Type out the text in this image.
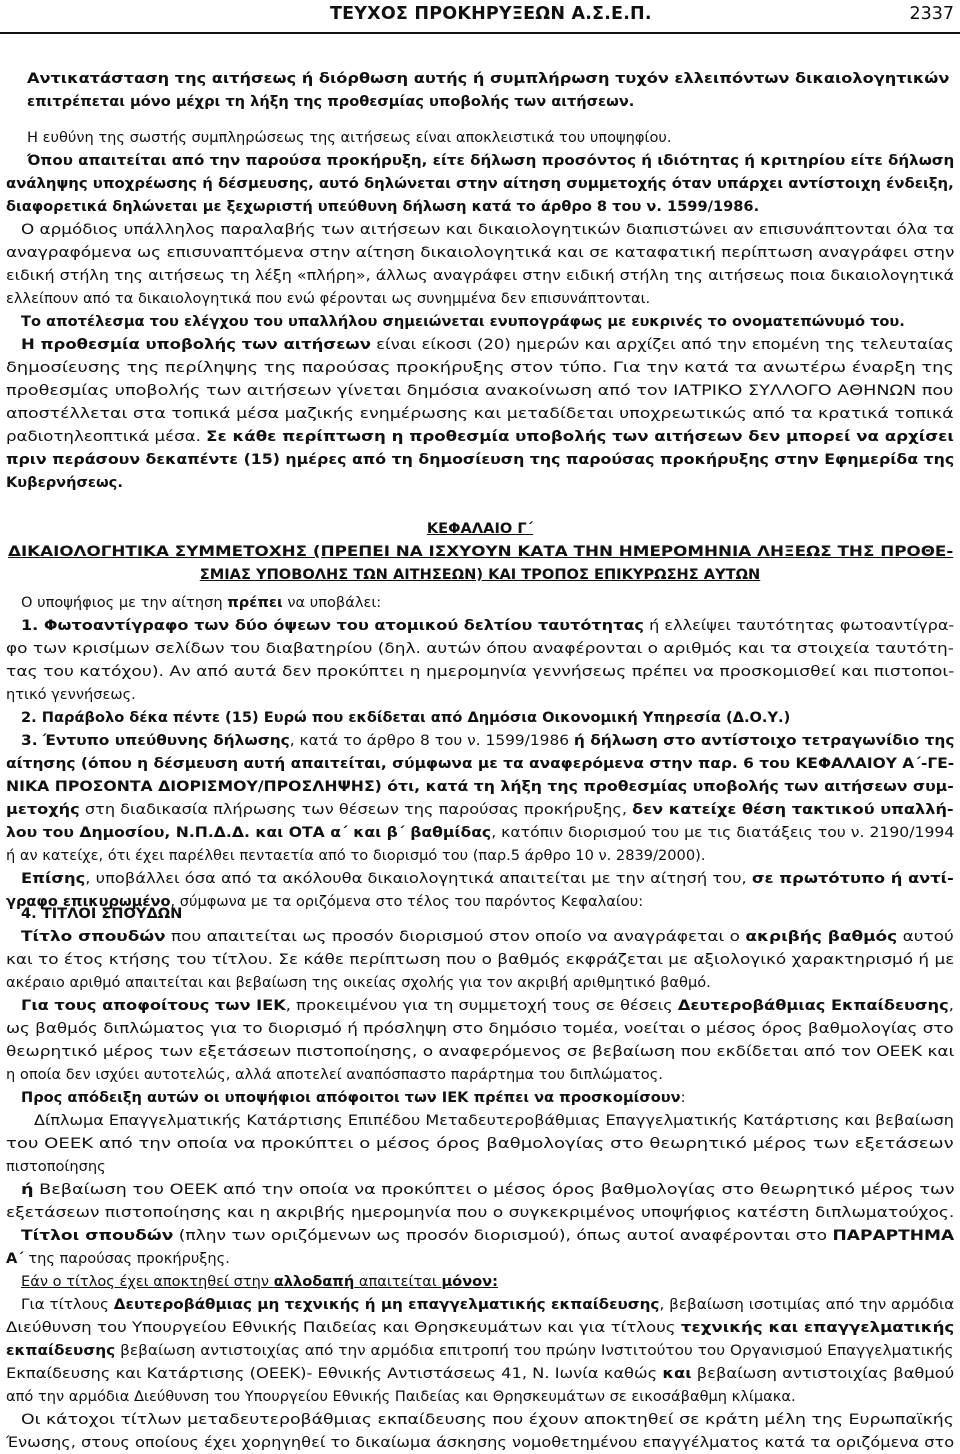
ΤΕΥΧΟΣ ΠΡΟΚΗΡΥΞΕΩΝ Α.Σ.Ε.Π.	2337
Αντικατάσταση της αιτήσεως ή διόρθωση αυτής ή συμπλήρωση τυχόν ελλειπόντων δικαιολογητικών
επιτρέπεται μόνο μέχρι τη λήξη της προθεσμίας υποβολής των αιτήσεων.
Η ευθύνη της σωστής συμπληρώσεως της αιτήσεως είναι αποκλειστικά του υποψηφίου.
Όπου απαιτείται από την παρούσα προκήρυξη, είτε δήλωση προσόντος ή ιδιότητας ή κριτηρίου είτε δήλωση
ανάληψης υποχρέωσης ή δέσμευσης, αυτό δηλώνεται στην αίτηση συμμετοχής όταν υπάρχει αντίστοιχη ένδειξη,
διαφορετικά δηλώνεται με ξεχωριστή υπεύθυνη δήλωση κατά το άρθρο 8 του ν. 1599/1986.
Ο αρμόδιος υπάλληλος παραλαβής των αιτήσεων και δικαιολογητικών διαπιστώνει αν επισυνάπτονται όλα τα
αναγραφόμενα ως επισυναπτόμενα στην αίτηση δικαιολογητικά και σε καταφατική περίπτωση αναγράφει στην
ειδική στήλη της αιτήσεως τη λέξη «πλήρη», άλλως αναγράφει στην ειδική στήλη της αιτήσεως ποια δικαιολογητικά
ελλείπουν από τα δικαιολογητικά που ενώ φέρονται ως συνημμένα δεν επισυνάπτονται.
Το αποτέλεσμα του ελέγχου του υπαλλήλου σημειώνεται ενυπογράφως με ευκρινές το ονοματεπώνυμό του.
Η προθεσμία υποβολής των αιτήσεων είναι είκοσι (20) ημερών και αρχίζει από την επομένη της τελευταίας
δημοσίευσης της περίληψης της παρούσας προκήρυξης στον τύπο. Για την κατά τα ανωτέρω έναρξη της
προθεσμίας υποβολής των αιτήσεων γίνεται δημόσια ανακοίνωση από τον ΙΑΤΡΙΚΟ ΣΥΛΛΟΓΟ ΑΘΗΝΩΝ που
αποστέλλεται στα τοπικά μέσα μαζικής ενημέρωσης και μεταδίδεται υποχρεωτικώς από τα κρατικά τοπικά
ραδιοτηλεοπτικά μέσα. Σε κάθε περίπτωση η προθεσμία υποβολής των αιτήσεων δεν μπορεί να αρχίσει
πριν περάσουν δεκαπέντε (15) ημέρες από τη δημοσίευση της παρούσας προκήρυξης στην Εφημερίδα της
Κυβερνήσεως.
ΚΕΦΑΛΑΙΟ Γ΄
ΔΙΚΑΙΟΛΟΓΗΤΙΚΑ ΣΥΜΜΕΤΟΧΗΣ (ΠΡΕΠΕΙ ΝΑ ΙΣΧΥΟΥΝ ΚΑΤΑ ΤΗΝ ΗΜΕΡΟΜΗΝΙΑ ΛΗΞΕΩΣ ΤΗΣ ΠΡΟΘΕ-
ΣΜΙΑΣ ΥΠΟΒΟΛΗΣ ΤΩΝ ΑΙΤΗΣΕΩΝ) ΚΑΙ ΤΡΟΠΟΣ ΕΠΙΚΥΡΩΣΗΣ ΑΥΤΩΝ
Ο υποψήφιος με την αίτηση πρέπει να υποβάλει:
1. Φωτοαντίγραφο των δύο όψεων του ατομικού δελτίου ταυτότητας ή ελλείψει ταυτότητας φωτοαντίγρα-
φο των κρισίμων σελίδων του διαβατηρίου (δηλ. αυτών όπου αναφέρονται ο αριθμός και τα στοιχεία ταυτότη-
τας του κατόχου). Αν από αυτά δεν προκύπτει η ημερομηνία γεννήσεως πρέπει να προσκομισθεί και πιστοποι-
ητικό γεννήσεως.
2. Παράβολο δέκα πέντε (15) Ευρώ που εκδίδεται από Δημόσια Οικονομική Υπηρεσία (Δ.Ο.Υ.)
3. Έντυπο υπεύθυνης δήλωσης, κατά το άρθρο 8 του ν. 1599/1986 ή δήλωση στο αντίστοιχο τετραγωνίδιο της
αίτησης (όπου η δέσμευση αυτή απαιτείται, σύμφωνα με τα αναφερόμενα στην παρ. 6 του ΚΕΦΑΛΑΙΟΥ Α΄-ΓΕ-
ΝΙΚΑ ΠΡΟΣΟΝΤΑ ΔΙΟΡΙΣΜΟΥ/ΠΡΟΣΛΗΨΗΣ) ότι, κατά τη λήξη της προθεσμίας υποβολής των αιτήσεων συμ-
μετοχής στη διαδικασία πλήρωσης των θέσεων της παρούσας προκήρυξης, δεν κατείχε θέση τακτικού υπαλλή-
λου του Δημοσίου, Ν.Π.Δ.Δ. και ΟΤΑ α΄ και β΄ βαθμίδας, κατόπιν διορισμού του με τις διατάξεις του ν. 2190/1994
ή αν κατείχε, ότι έχει παρέλθει πενταετία από το διορισμό του (παρ.5 άρθρο 10 ν. 2839/2000).
Επίσης, υποβάλλει όσα από τα ακόλουθα δικαιολογητικά απαιτείται με την αίτησή του, σε πρωτότυπο ή αντί-
γραφο επικυρωμένο, σύμφωνα με τα οριζόμενα στο τέλος του παρόντος Κεφαλαίου:
4. ΤΙΤΛΟΙ ΣΠΟΥΔΩΝ
Τίτλο σπουδών που απαιτείται ως προσόν διορισμού στον οποίο να αναγράφεται ο ακριβής βαθμός αυτού
και το έτος κτήσης του τίτλου. Σε κάθε περίπτωση που ο βαθμός εκφράζεται με αξιολογικό χαρακτηρισμό ή με
ακέραιο αριθμό απαιτείται και βεβαίωση της οικείας σχολής για τον ακριβή αριθμητικό βαθμό.
Για τους αποφοίτους των ΙΕΚ, προκειμένου για τη συμμετοχή τους σε θέσεις Δευτεροβάθμιας Εκπαίδευσης,
ως βαθμός διπλώματος για το διορισμό ή πρόσληψη στο δημόσιο τομέα, νοείται ο μέσος όρος βαθμολογίας στο
θεωρητικό μέρος των εξετάσεων πιστοποίησης, ο αναφερόμενος σε βεβαίωση που εκδίδεται από τον ΟΕΕΚ και
η οποία δεν ισχύει αυτοτελώς, αλλά αποτελεί αναπόσπαστο παράρτημα του διπλώματος.
Προς απόδειξη αυτών οι υποψήφιοι απόφοιτοι των ΙΕΚ πρέπει να προσκομίσουν:
Δίπλωμα Επαγγελματικής Κατάρτισης Επιπέδου Μεταδευτεροβάθμιας Επαγγελματικής Κατάρτισης και βεβαίωση
του ΟΕΕΚ από την οποία να προκύπτει ο μέσος όρος βαθμολογίας στο θεωρητικό μέρος των εξετάσεων
πιστοποίησης
ή Βεβαίωση του ΟΕΕΚ από την οποία να προκύπτει ο μέσος όρος βαθμολογίας στο θεωρητικό μέρος των
εξετάσεων πιστοποίησης και η ακριβής ημερομηνία που ο συγκεκριμένος υποψήφιος κατέστη διπλωματούχος.
Τίτλοι σπουδών (πλην των οριζόμενων ως προσόν διορισμού), όπως αυτοί αναφέρονται στο ΠΑΡΑΡΤΗΜΑ
Α΄ της παρούσας προκήρυξης.
Εάν ο τίτλος έχει αποκτηθεί στην αλλοδαπή απαιτείται μόνον:
Για τίτλους Δευτεροβάθμιας μη τεχνικής ή μη επαγγελματικής εκπαίδευσης, βεβαίωση ισοτιμίας από την αρμόδια
Διεύθυνση του Υπουργείου Εθνικής Παιδείας και Θρησκευμάτων και για τίτλους τεχνικής και επαγγελματικής
εκπαίδευσης βεβαίωση αντιστοιχίας από την αρμόδια επιτροπή του πρώην Ινστιτούτου του Οργανισμού Επαγγελματικής
Εκπαίδευσης και Κατάρτισης (ΟΕΕΚ)- Εθνικής Αντιστάσεως 41, Ν. Ιωνία καθώς και βεβαίωση αντιστοιχίας βαθμού
από την αρμόδια Διεύθυνση του Υπουργείου Εθνικής Παιδείας και Θρησκευμάτων σε εικοσάβαθμη κλίμακα.
Οι κάτοχοι τίτλων μεταδευτεροβάθμιας εκπαίδευσης που έχουν αποκτηθεί σε κράτη μέλη της Ευρωπαϊκής
Ένωσης, στους οποίους έχει χορηγηθεί το δικαίωμα άσκησης νομοθετημένου επαγγέλματος κατά τα οριζόμενα στο
